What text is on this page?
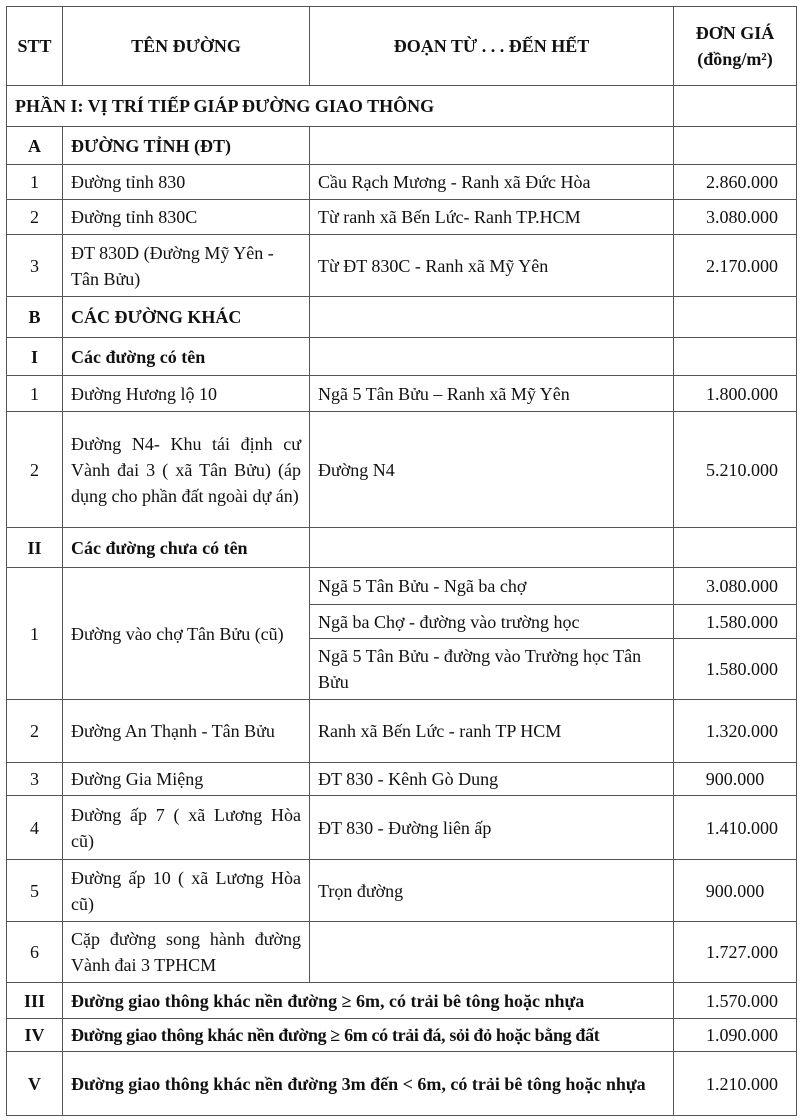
STT	TÊN ĐƯỜNG	ĐOẠN TỪ . . . ĐẾN HẾT	ĐƠN GIÁ
(đồng/m²)

PHẦN I: VỊ TRÍ TIẾP GIÁP ĐƯỜNG GIAO THÔNG			
A	ĐƯỜNG TỈNH (ĐT)		
1	Đường tỉnh 830	Cầu Rạch Mương - Ranh xã Đức Hòa	2.860.000
2	Đường tỉnh 830C	Từ ranh xã Bến Lức- Ranh TP.HCM	3.080.000
3	ĐT 830D (Đường Mỹ Yên - Tân Bửu)	Từ ĐT 830C - Ranh xã Mỹ Yên	2.170.000
B	CÁC ĐƯỜNG KHÁC		
I	Các đường có tên		
1	Đường Hương lộ 10	Ngã 5 Tân Bửu – Ranh xã Mỹ Yên	1.800.000
2	Đường N4- Khu tái định cư Vành đai 3 ( xã Tân Bửu) (áp dụng cho phần đất ngoài dự án)	Đường N4	5.210.000
II	Các đường chưa có tên		
1	Đường vào chợ Tân Bửu (cũ)	Ngã 5 Tân Bửu - Ngã ba chợ	3.080.000
		Ngã ba Chợ - đường vào trường học	1.580.000
		Ngã 5 Tân Bửu - đường vào Trường học Tân Bửu	1.580.000
2	Đường An Thạnh - Tân Bửu	Ranh xã Bến Lức - ranh TP HCM	1.320.000
3	Đường Gia Miệng	ĐT 830 - Kênh Gò Dung	900.000
4	Đường ấp 7 ( xã Lương Hòa cũ)	ĐT 830 - Đường liên ấp	1.410.000
5	Đường ấp 10 ( xã Lương Hòa cũ)	Trọn đường	900.000
6	Cặp đường song hành đường Vành đai 3 TPHCM		1.727.000
III	Đường giao thông khác nền đường ≥ 6m, có trải bê tông hoặc nhựa		1.570.000
IV	Đường giao thông khác nền đường ≥ 6m có trải đá, sỏi đỏ hoặc bằng đất		1.090.000
V	Đường giao thông khác nền đường 3m đến < 6m, có trải bê tông hoặc nhựa		1.210.000
